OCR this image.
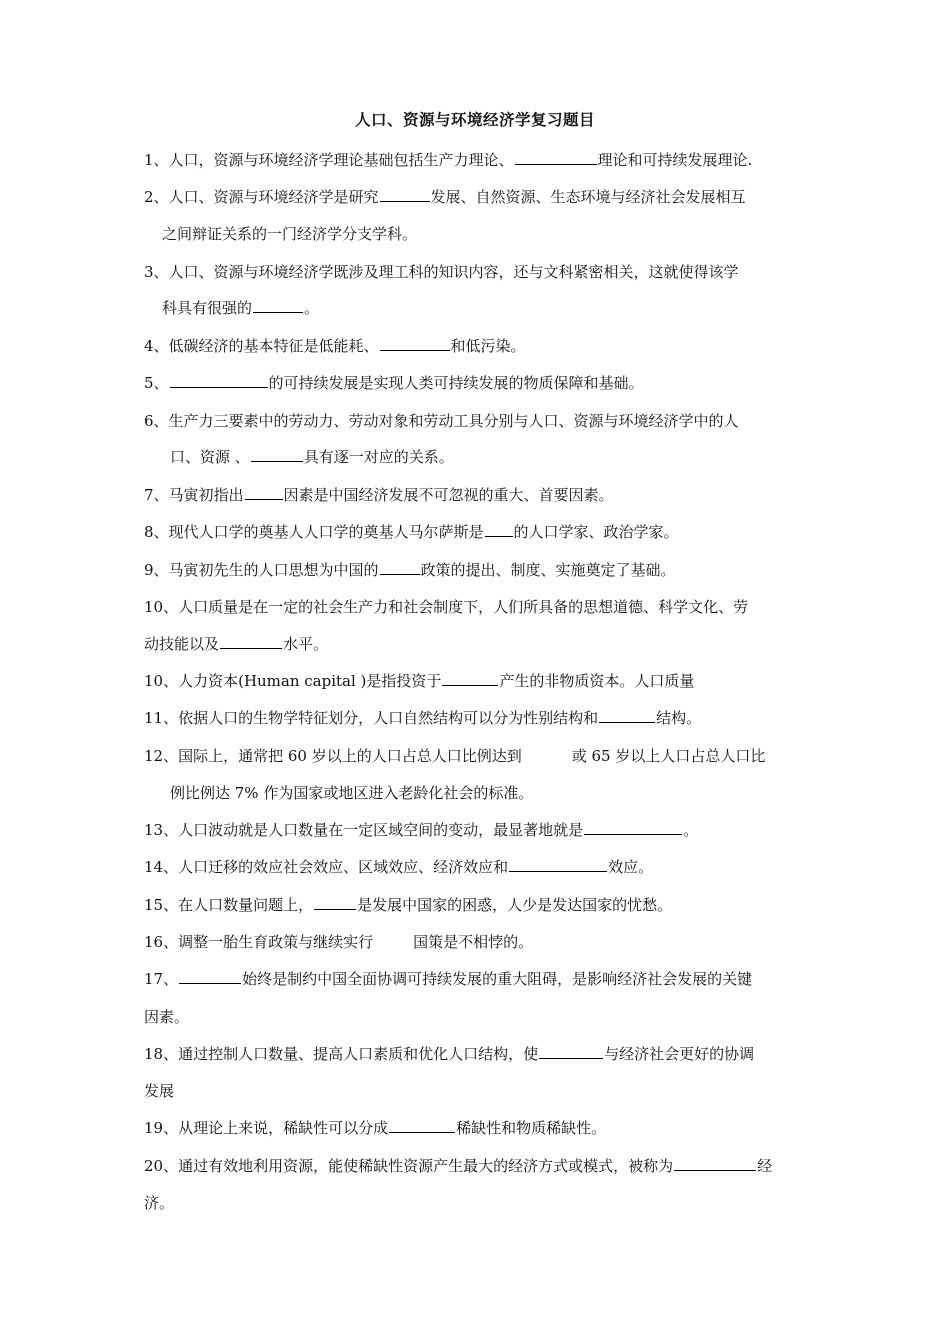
人口、资源与环境经济学复习题目
1、人口，资源与环境经济学理论基础包括生产力理论、	理论和可持续发展理论.
2、人口、资源与环境经济学是研究	发展、自然资源、生态环境与经济社会发展相互
之间辩证关系的一门经济学分支学科。
3、人口、资源与环境经济学既涉及理工科的知识内容，还与文科紧密相关，这就使得该学
科具有很强的	。
4、低碳经济的基本特征是低能耗、	和低污染。
5、	的可持续发展是实现人类可持续发展的物质保障和基础。
6、生产力三要素中的劳动力、劳动对象和劳动工具分别与人口、资源与环境经济学中的人
口、资源 、	具有逐一对应的关系。
7、马寅初指出	因素是中国经济发展不可忽视的重大、首要因素。
8、现代人口学的奠基人人口学的奠基人马尔萨斯是 的人口学家、政治学家。
9、马寅初先生的人口思想为中国的	政策的提出、制度、实施奠定了基础。
10、人口质量是在一定的社会生产力和社会制度下，人们所具备的思想道德、科学文化、劳
动技能以及	水平。
10、人力资本(Human capital )是指投资于	产生的非物质资本。人口质量
11、依据人口的生物学特征划分，人口自然结构可以分为性别结构和	结构。
12、国际上，通常把 60 岁以上的人口占总人口比例达到	或 65 岁以上人口占总人口比
例比例达 7% 作为国家或地区进入老龄化社会的标准。
13、人口波动就是人口数量在一定区域空间的变动，最显著地就是	。
14、人口迁移的效应社会效应、区域效应、经济效应和	效应。
15、在人口数量问题上，	是发展中国家的困惑，人少是发达国家的忧愁。
16、调整一胎生育政策与继续实行	国策是不相悖的。
17、	始终是制约中国全面协调可持续发展的重大阻碍，是影响经济社会发展的关键
因素。
18、通过控制人口数量、提高人口素质和优化人口结构，使	与经济社会更好的协调
发展
19、从理论上来说，稀缺性可以分成	稀缺性和物质稀缺性。
20、通过有效地利用资源，能使稀缺性资源产生最大的经济方式或模式，被称为	经
济。
